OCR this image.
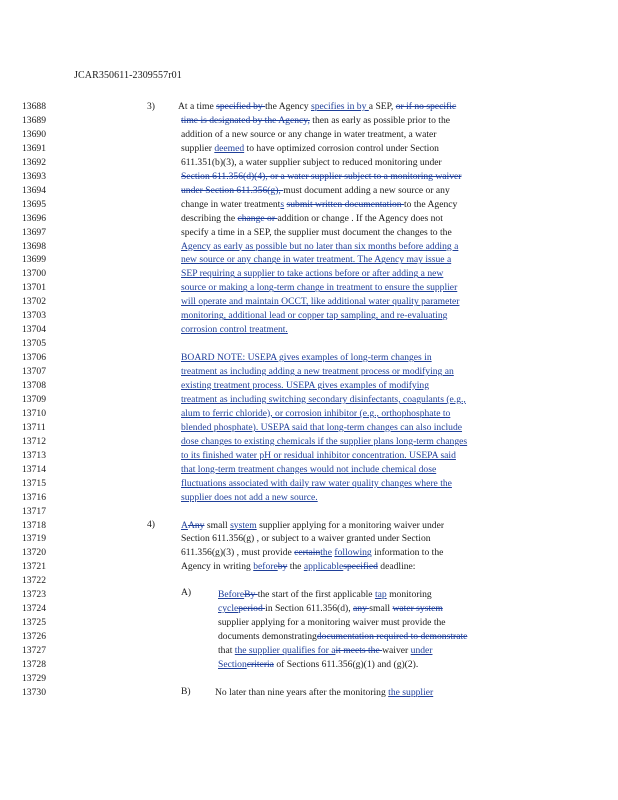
JCAR350611-2309557r01
13688
13689
13690
13691
13692
13693
13694
13695
13696
13697
13698
13699
13700
13701
13702
13703
13704
13705
13706
13707
13708
13709
13710
13711
13712
13713
13714
13715
13716
13717
13718
13719
13720
13721
13722
13723
13724
13725
13726
13727
13728
13729
13730
At a time specified by the Agency specifies in by a SEP, or if no specific
time is designated by the Agency, then as early as possible prior to the
addition of a new source or any change in water treatment, a water
supplier deemed to have optimized corrosion control under Section
611.351(b)(3), a water supplier subject to reduced monitoring under
Section 611.356(d)(4), or a water supplier subject to a monitoring waiver
under Section 611.356(g), must document adding a new source or any
change in water treatments submit written documentation to the Agency
describing the change or addition or change . If the Agency does not
specify a time in a SEP, the supplier must document the changes to the
Agency as early as possible but no later than six months before adding a
new source or any change in water treatment. The Agency may issue a
SEP requiring a supplier to take actions before or after adding a new
source or making a long-term change in treatment to ensure the supplier
will operate and maintain OCCT, like additional water quality parameter
monitoring, additional lead or copper tap sampling, and re-evaluating
corrosion control treatment.
BOARD NOTE: USEPA gives examples of long-term changes in
treatment as including adding a new treatment process or modifying an
existing treatment process. USEPA gives examples of modifying
treatment as including switching secondary disinfectants, coagulants (e.g.,
alum to ferric chloride), or corrosion inhibitor (e.g., orthophosphate to
blended phosphate). USEPA said that long-term changes can also include
dose changes to existing chemicals if the supplier plans long-term changes
to its finished water pH or residual inhibitor concentration. USEPA said
that long-term treatment changes would not include chemical dose
fluctuations associated with daily raw water quality changes where the
supplier does not add a new source.
AAny small system supplier applying for a monitoring waiver under
Section 611.356(g) , or subject to a waiver granted under Section
611.356(g)(3) , must provide certainthe following information to the
Agency in writing beforeby the applicablespecified deadline:
BeforeBy the start of the first applicable tap monitoring
cycleperiod in Section 611.356(d), any small water system
supplier applying for a monitoring waiver must provide the
documents demonstratingdocumentation required to demonstrate
that the supplier qualifies for ait meets the waiver under
Sectioncriteria of Sections 611.356(g)(1) and (g)(2).
No later than nine years after the monitoring the supplier
3)
4)
A)
B)
